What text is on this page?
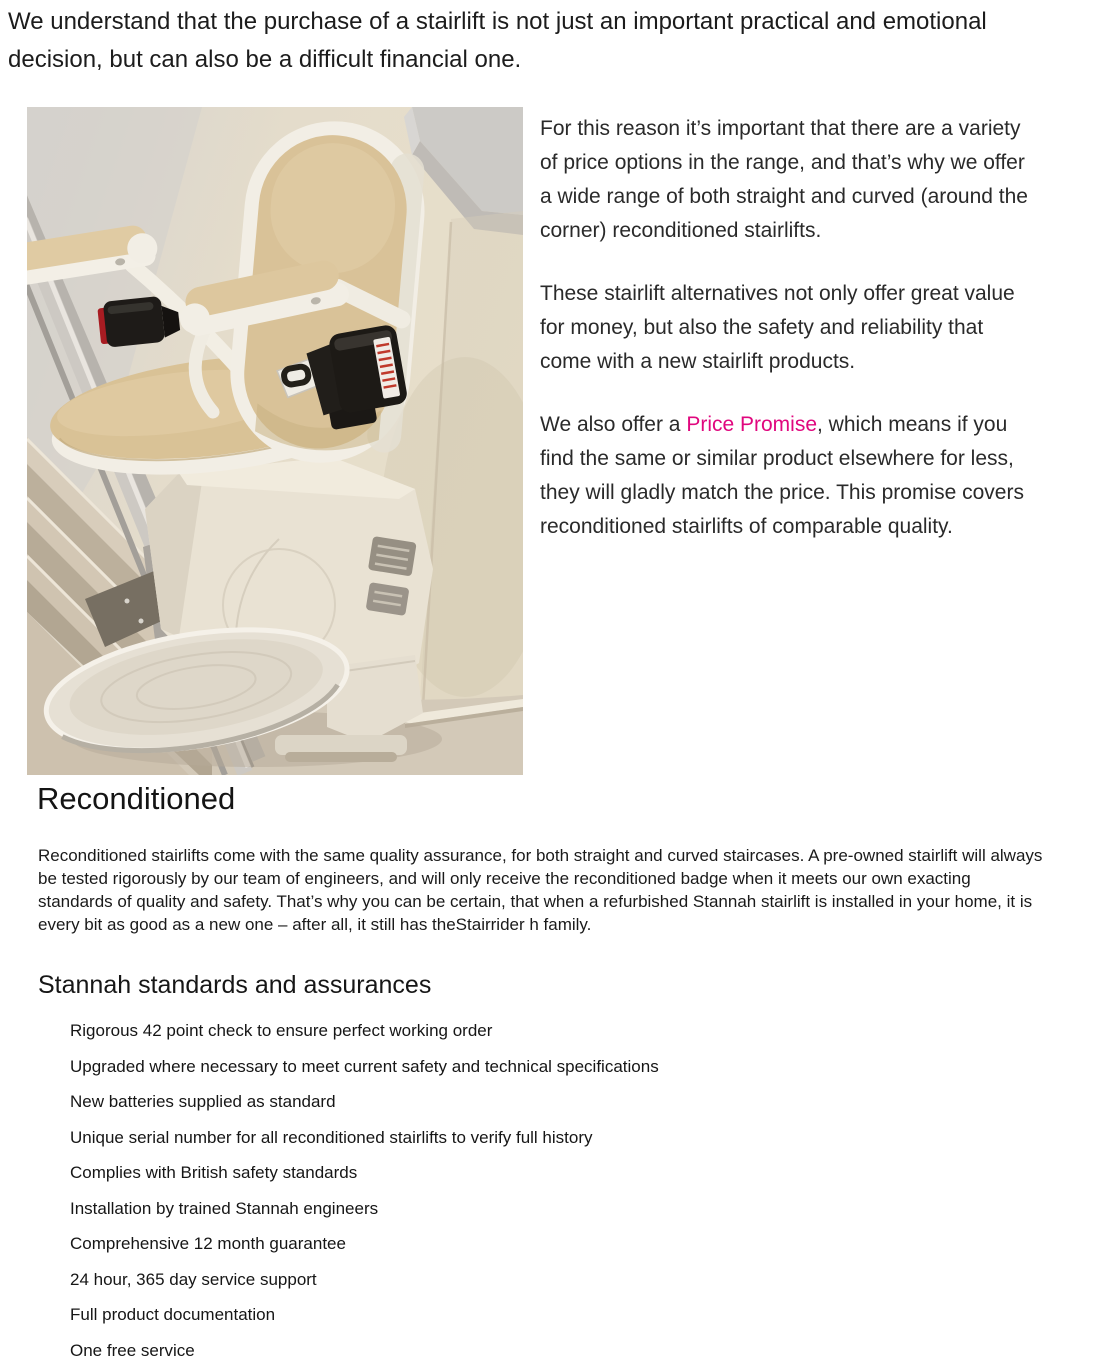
We understand that the purchase of a stairlift is not just an important practical and emotional decision, but can also be a difficult financial one.

For this reason it’s important that there are a variety of price options in the range, and that’s why we offer a wide range of both straight and curved (around the corner) reconditioned stairlifts.

These stairlift alternatives not only offer great value for money, but also the safety and reliability that come with a new stairlift products.

We also offer a Price Promise, which means if you find the same or similar product elsewhere for less, they will gladly match the price. This promise covers reconditioned stairlifts of comparable quality.

Reconditioned

Reconditioned stairlifts come with the same quality assurance, for both straight and curved staircases. A pre-owned stairlift will always be tested rigorously by our team of engineers, and will only receive the reconditioned badge when it meets our own exacting standards of quality and safety. That’s why you can be certain, that when a refurbished Stannah stairlift is installed in your home, it is every bit as good as a new one – after all, it still has theStairrider h family.

Stannah standards and assurances
Rigorous 42 point check to ensure perfect working order
Upgraded where necessary to meet current safety and technical specifications
New batteries supplied as standard
Unique serial number for all reconditioned stairlifts to verify full history
Complies with British safety standards
Installation by trained Stannah engineers
Comprehensive 12 month guarantee
24 hour, 365 day service support
Full product documentation
One free service
